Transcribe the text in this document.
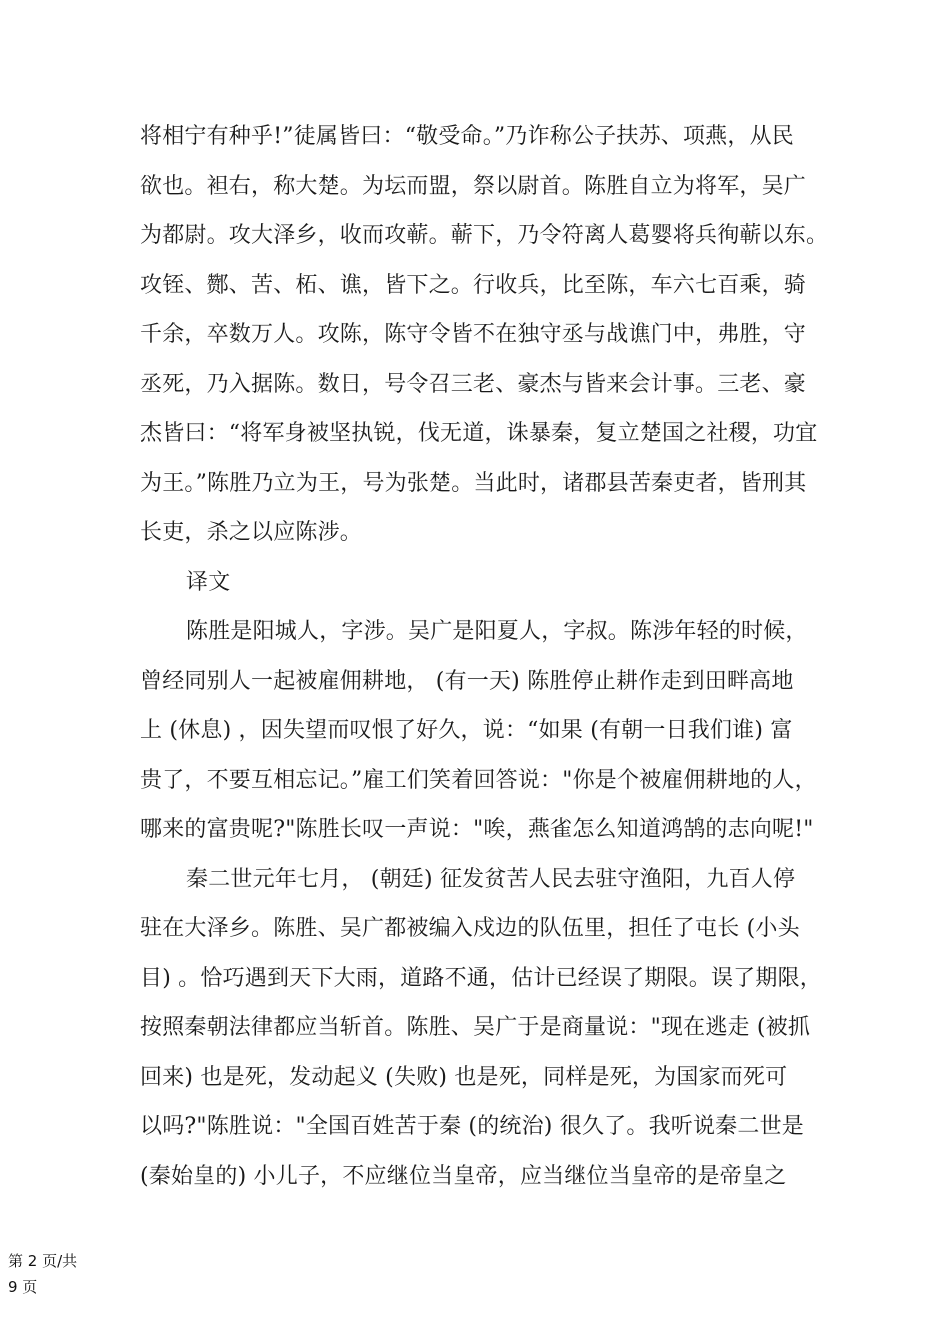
将相宁有种乎!”徒属皆曰：“敬受命。”乃诈称公子扶苏、项燕，从民
欲也。袒右，称大楚。为坛而盟，祭以尉首。陈胜自立为将军，吴广
为都尉。攻大泽乡，收而攻蕲。蕲下，乃令符离人葛婴将兵徇蕲以东。
攻铚、酂、苦、柘、谯，皆下之。行收兵，比至陈，车六七百乘，骑
千余，卒数万人。攻陈，陈守令皆不在独守丞与战谯门中，弗胜，守
丞死，乃入据陈。数日，号令召三老、豪杰与皆来会计事。三老、豪
杰皆曰：“将军身被坚执锐，伐无道，诛暴秦，复立楚国之社稷，功宜
为王。”陈胜乃立为王，号为张楚。当此时，诸郡县苦秦吏者，皆刑其
长吏，杀之以应陈涉。
译文
陈胜是阳城人，字涉。吴广是阳夏人，字叔。陈涉年轻的时候，
曾经同别人一起被雇佣耕地， (有一天) 陈胜停止耕作走到田畔高地
上 (休息) ，因失望而叹恨了好久，说：“如果 (有朝一日我们谁) 富
贵了，不要互相忘记。”雇工们笑着回答说："你是个被雇佣耕地的人，
哪来的富贵呢?"陈胜长叹一声说："唉，燕雀怎么知道鸿鹄的志向呢!"
秦二世元年七月， (朝廷) 征发贫苦人民去驻守渔阳，九百人停
驻在大泽乡。陈胜、吴广都被编入戍边的队伍里，担任了屯长 (小头
目) 。恰巧遇到天下大雨，道路不通，估计已经误了期限。误了期限，
按照秦朝法律都应当斩首。陈胜、吴广于是商量说："现在逃走 (被抓
回来) 也是死，发动起义 (失败) 也是死，同样是死，为国家而死可
以吗?"陈胜说："全国百姓苦于秦 (的统治) 很久了。我听说秦二世是
(秦始皇的) 小儿子，不应继位当皇帝，应当继位当皇帝的是帝皇之
第 2 页/共
9 页
